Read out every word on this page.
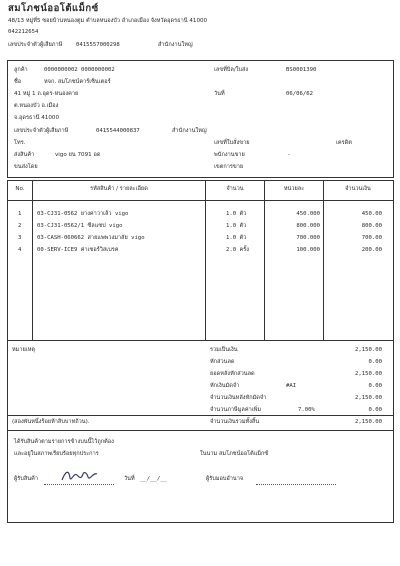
สมโภชน์ออโต้แม็กซ์
48/13 หมู่ที่5 ซอยบ้านหนองตูม ตำบลหนองบัว อำเภอเมือง จังหวัดอุดรธานี 41000
042212654
เลขประจำตัวผู้เสียภาษี 0415557000298	สำนักงานใหญ่
ลูกค้า	0000000002 0000000002
ชื่อ	หจก. สมโภชน์คาร์เซ็นเตอร์
41 หมู่ 1 ถ.อุดร-หนองคาย
ต.หนองบัว อ.เมือง
จ.อุดรธานี 41000
เลขประจำตัวผู้เสียภาษี	0415544000837	สำนักงานใหญ่
โทร.
ส่งสินค้า	vigo ยน 7091 อด
ขนส่งโดย
เลขที่บิล/ใบส่ง	BS0001390
วันที่	06/06/62
เลขที่ใบสั่งขาย	เครดิต
พนักงานขาย	-
เขตการขาย
No.	รหัสสินค้า / รายละเอียด	จำนวน	หน่วยละ	จำนวนเงิน
1	03-CJ31-0562 ยางคาวาเล้ว vigo	1.0 ตัว	450.000	450.00
2	03-CJ31-0562/1 ซีลแซป vigo	1.0 ตัว	800.000	800.00
3	03-CASH-060662 สายแพพวงมาลัย vigo	1.0 ตัว	700.000	700.00
4	00-SERV-ICE9 ค่าเซอร์วิสเบรค	2.0 ครั้ง	100.000	200.00
หมายเหตุ	รวมเป็นเงิน	2,150.00
หักส่วนลด	0.00
ยอดหลังหักส่วนลด	2,150.00
หักเงินมัดจำ	#AI	0.00
จำนวนเงินหลังหักมัดจำ	2,150.00
จำนวนภาษีมูลค่าเพิ่ม	7.00%	0.00
(สองพันหนึ่งร้อยห้าสิบบาทถ้วน).	จำนวนเงินรวมทั้งสิ้น	2,150.00
ได้รับสินค้าตามรายการข้างบนนี้ไว้ถูกต้อง
และอยู่ในสภาพเรียบร้อยทุกประการ	ในนาม สมโภชน์ออโต้แม็กซ์
ผู้รับสินค้า	วันที่ __/__/__	ผู้รับมอบอำนาจ
